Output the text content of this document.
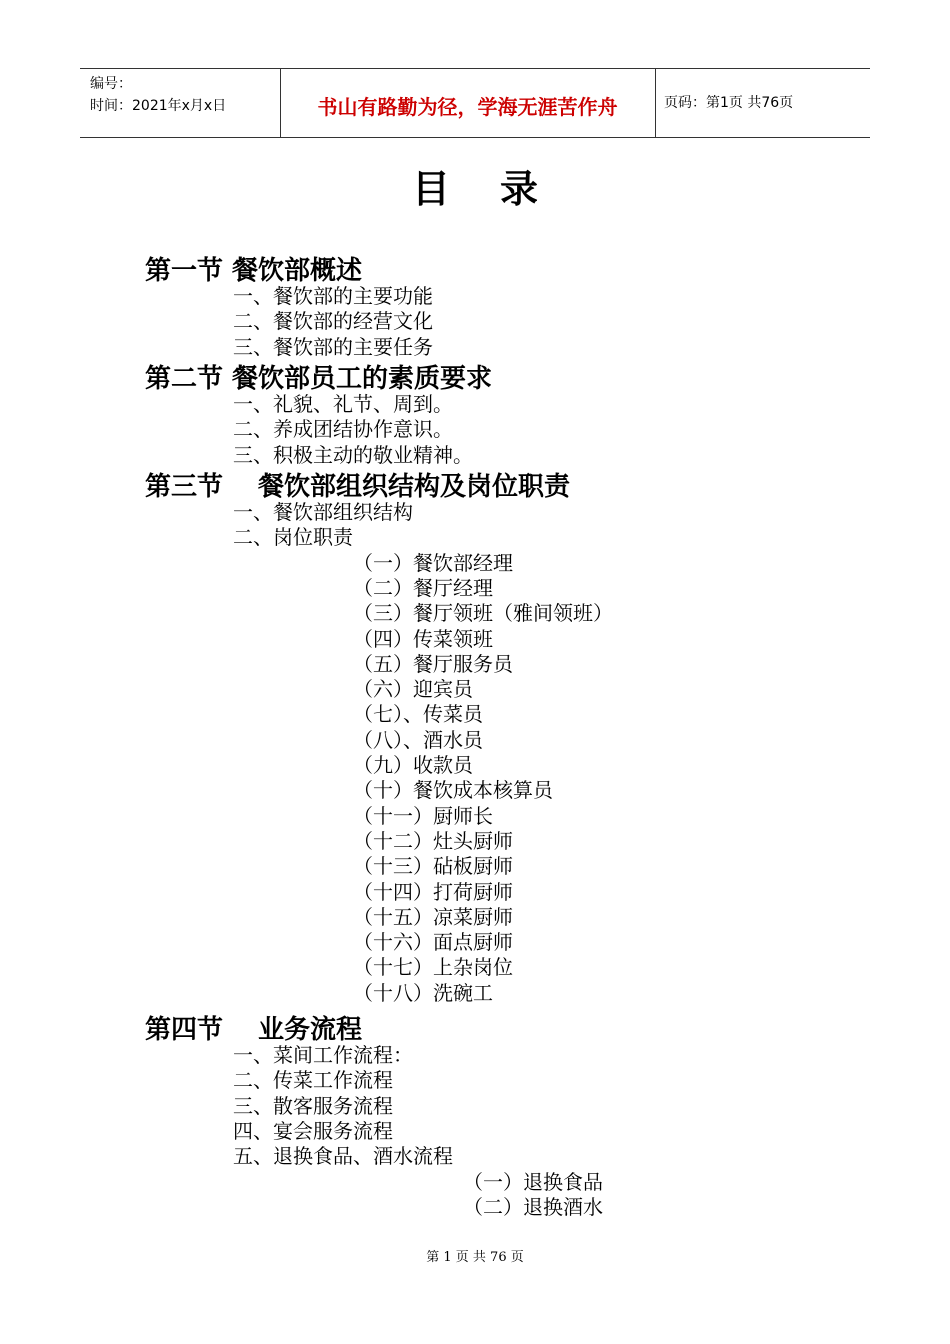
编号：
时间：2021年x月x日	书山有路勤为径，学海无涯苦作舟	页码：第1页 共76页
目录
第一节 餐饮部概述
一、餐饮部的主要功能
二、餐饮部的经营文化
三、餐饮部的主要任务
第二节 餐饮部员工的素质要求
一、礼貌、礼节、周到。
二、养成团结协作意识。
三、积极主动的敬业精神。
第三节　 餐饮部组织结构及岗位职责
一、餐饮部组织结构
二、岗位职责
（一）餐饮部经理
（二）餐厅经理
（三）餐厅领班（雅间领班）
（四）传菜领班
（五）餐厅服务员
（六）迎宾员
（七）、传菜员
（八）、酒水员
（九）收款员
（十）餐饮成本核算员
（十一）厨师长
（十二）灶头厨师
（十三）砧板厨师
（十四）打荷厨师
（十五）凉菜厨师
（十六）面点厨师
（十七）上杂岗位
（十八）洗碗工
第四节　 业务流程
一、菜间工作流程：
二、传菜工作流程
三、散客服务流程
四、宴会服务流程
五、退换食品、酒水流程
（一）退换食品
（二）退换酒水
第 1 页 共 76 页
